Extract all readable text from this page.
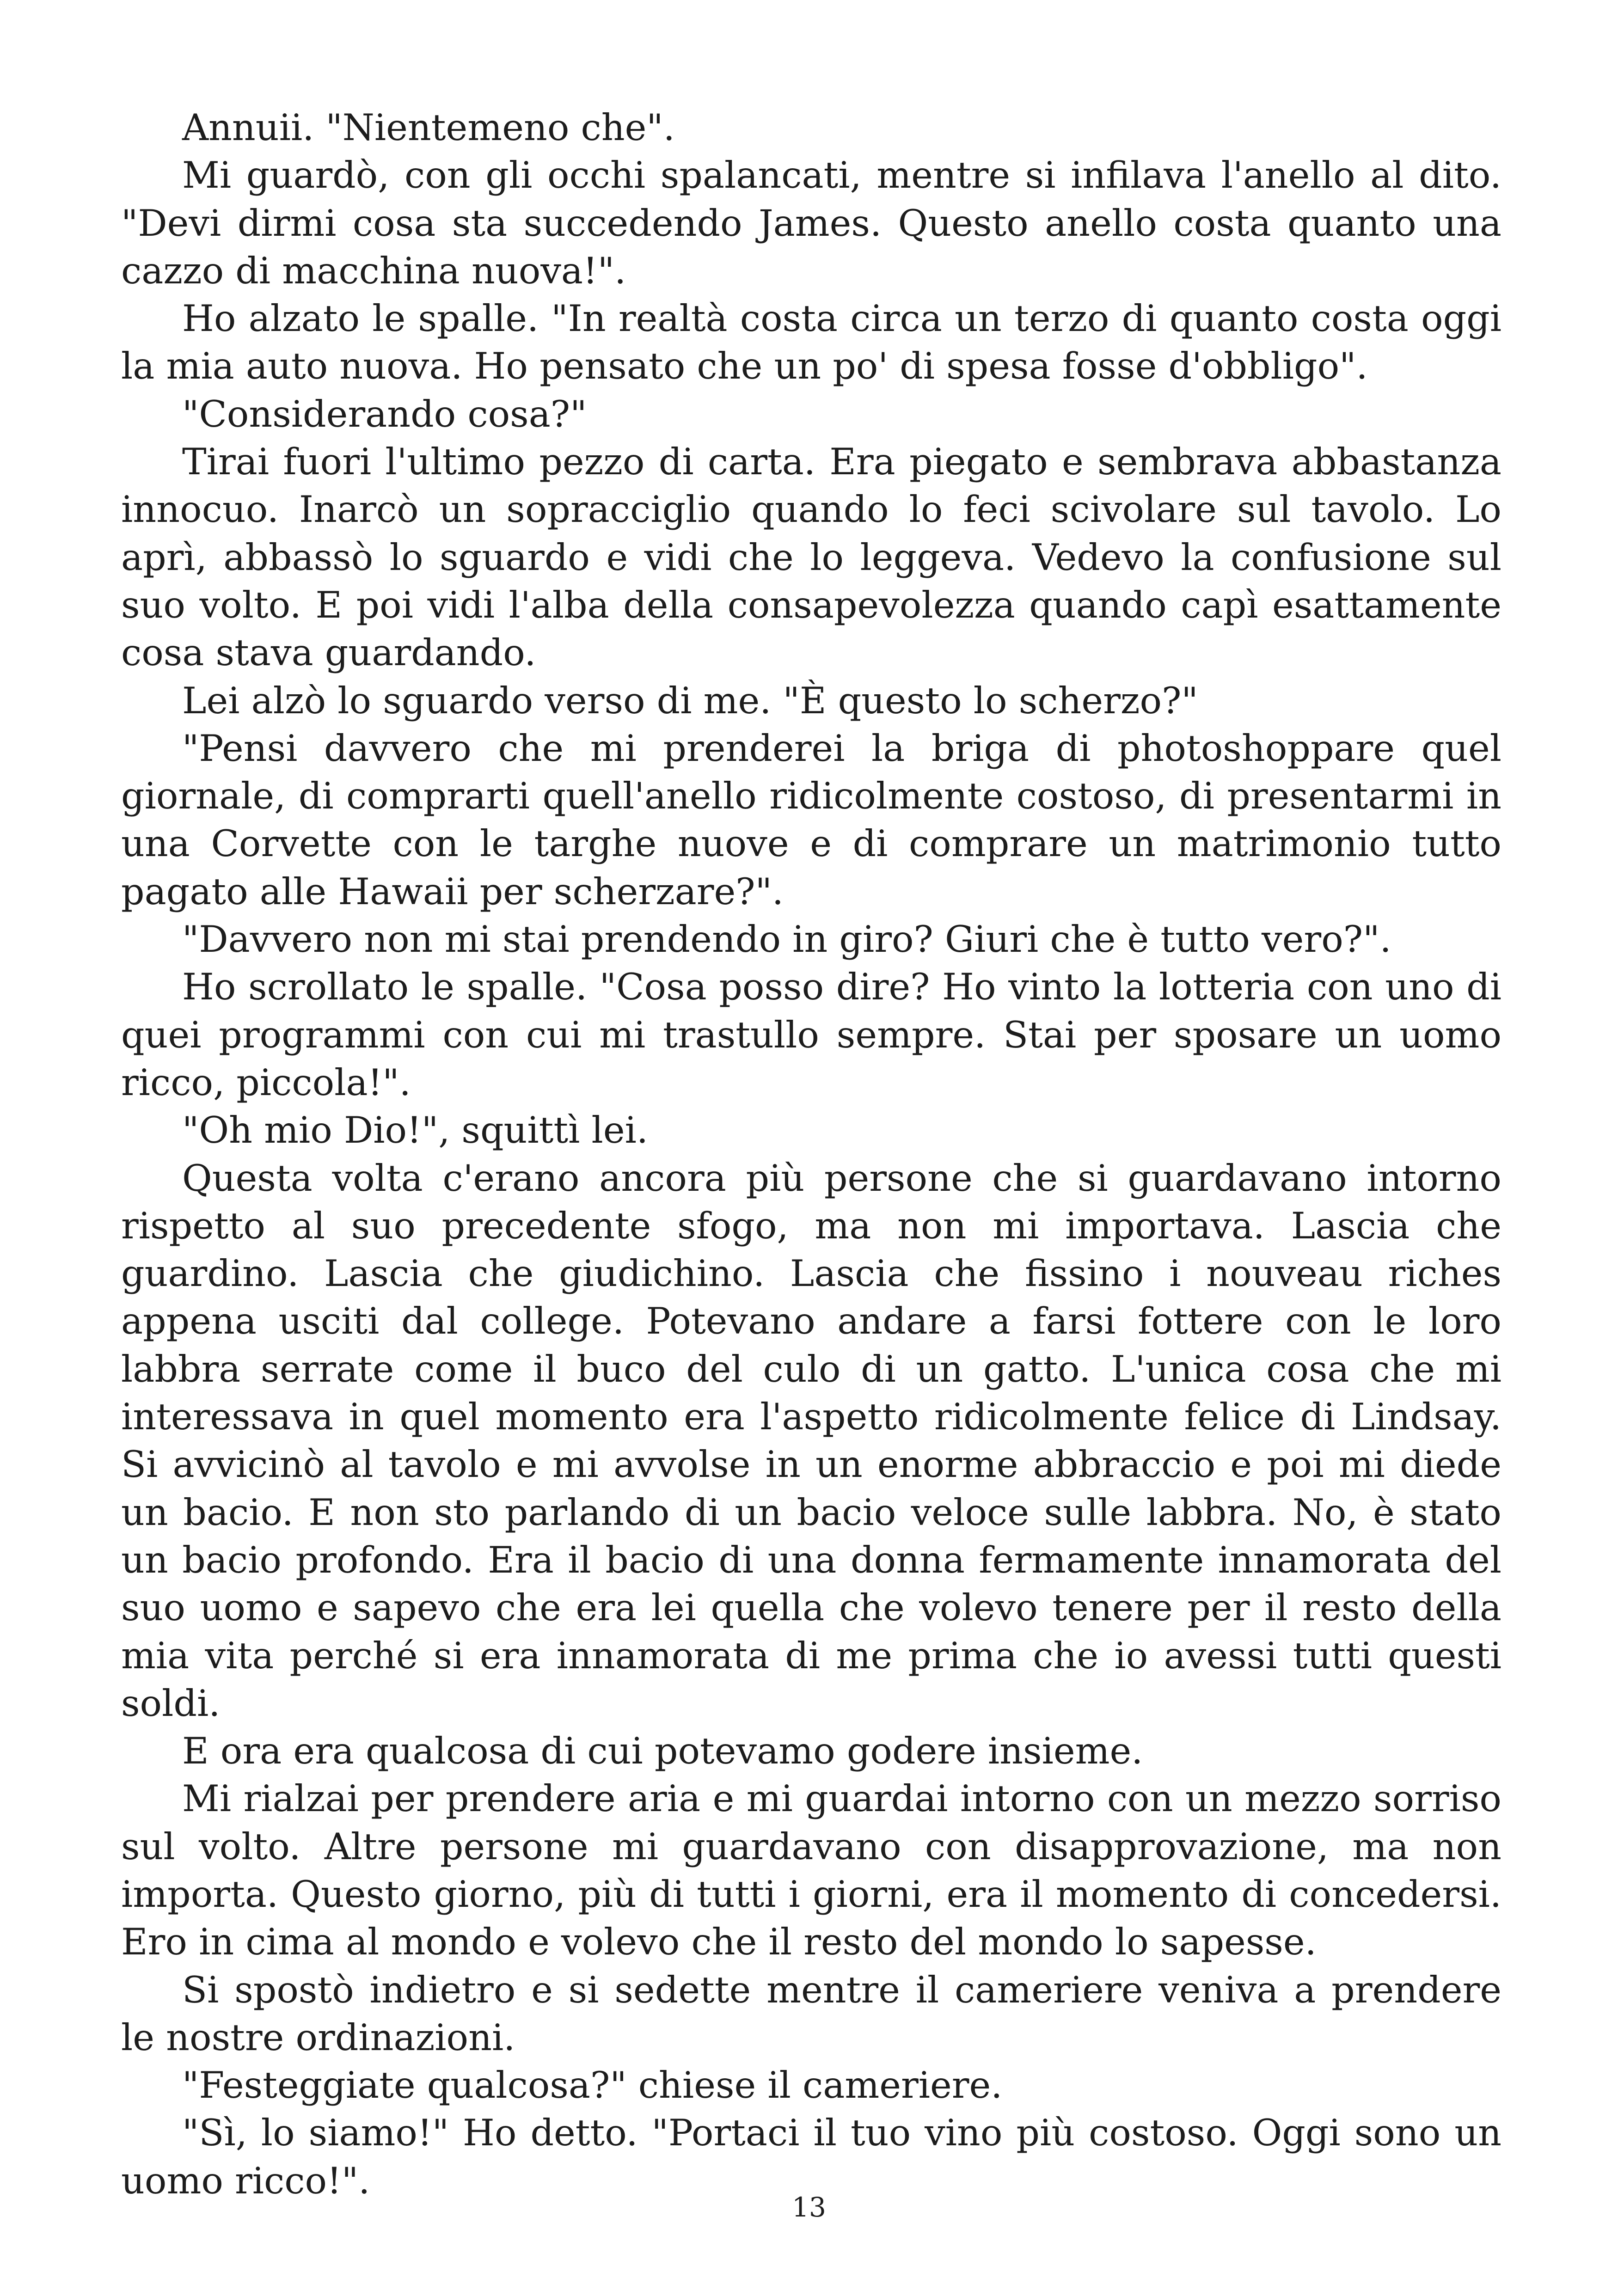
Annuii. "Nientemeno che".

Mi guardò, con gli occhi spalancati, mentre si infilava l'anello al dito. "Devi dirmi cosa sta succedendo James. Questo anello costa quanto una cazzo di macchina nuova!".

Ho alzato le spalle. "In realtà costa circa un terzo di quanto costa oggi la mia auto nuova. Ho pensato che un po' di spesa fosse d'obbligo".

"Considerando cosa?"

Tirai fuori l'ultimo pezzo di carta. Era piegato e sembrava abbastanza innocuo. Inarcò un sopracciglio quando lo feci scivolare sul tavolo. Lo aprì, abbassò lo sguardo e vidi che lo leggeva. Vedevo la confusione sul suo volto. E poi vidi l'alba della consapevolezza quando capì esattamente cosa stava guardando.

Lei alzò lo sguardo verso di me. "È questo lo scherzo?"

"Pensi davvero che mi prenderei la briga di photoshoppare quel giornale, di comprarti quell'anello ridicolmente costoso, di presentarmi in una Corvette con le targhe nuove e di comprare un matrimonio tutto pagato alle Hawaii per scherzare?".

"Davvero non mi stai prendendo in giro? Giuri che è tutto vero?".

Ho scrollato le spalle. "Cosa posso dire? Ho vinto la lotteria con uno di quei programmi con cui mi trastullo sempre. Stai per sposare un uomo ricco, piccola!".

"Oh mio Dio!", squittì lei.

Questa volta c'erano ancora più persone che si guardavano intorno rispetto al suo precedente sfogo, ma non mi importava. Lascia che guardino. Lascia che giudichino. Lascia che fissino i nouveau riches appena usciti dal college. Potevano andare a farsi fottere con le loro labbra serrate come il buco del culo di un gatto. L'unica cosa che mi interessava in quel momento era l'aspetto ridicolmente felice di Lindsay. Si avvicinò al tavolo e mi avvolse in un enorme abbraccio e poi mi diede un bacio. E non sto parlando di un bacio veloce sulle labbra. No, è stato un bacio profondo. Era il bacio di una donna fermamente innamorata del suo uomo e sapevo che era lei quella che volevo tenere per il resto della mia vita perché si era innamorata di me prima che io avessi tutti questi soldi.

E ora era qualcosa di cui potevamo godere insieme.

Mi rialzai per prendere aria e mi guardai intorno con un mezzo sorriso sul volto. Altre persone mi guardavano con disapprovazione, ma non importa. Questo giorno, più di tutti i giorni, era il momento di concedersi. Ero in cima al mondo e volevo che il resto del mondo lo sapesse.

Si spostò indietro e si sedette mentre il cameriere veniva a prendere le nostre ordinazioni.

"Festeggiate qualcosa?" chiese il cameriere.

"Sì, lo siamo!" Ho detto. "Portaci il tuo vino più costoso. Oggi sono un uomo ricco!".

13
